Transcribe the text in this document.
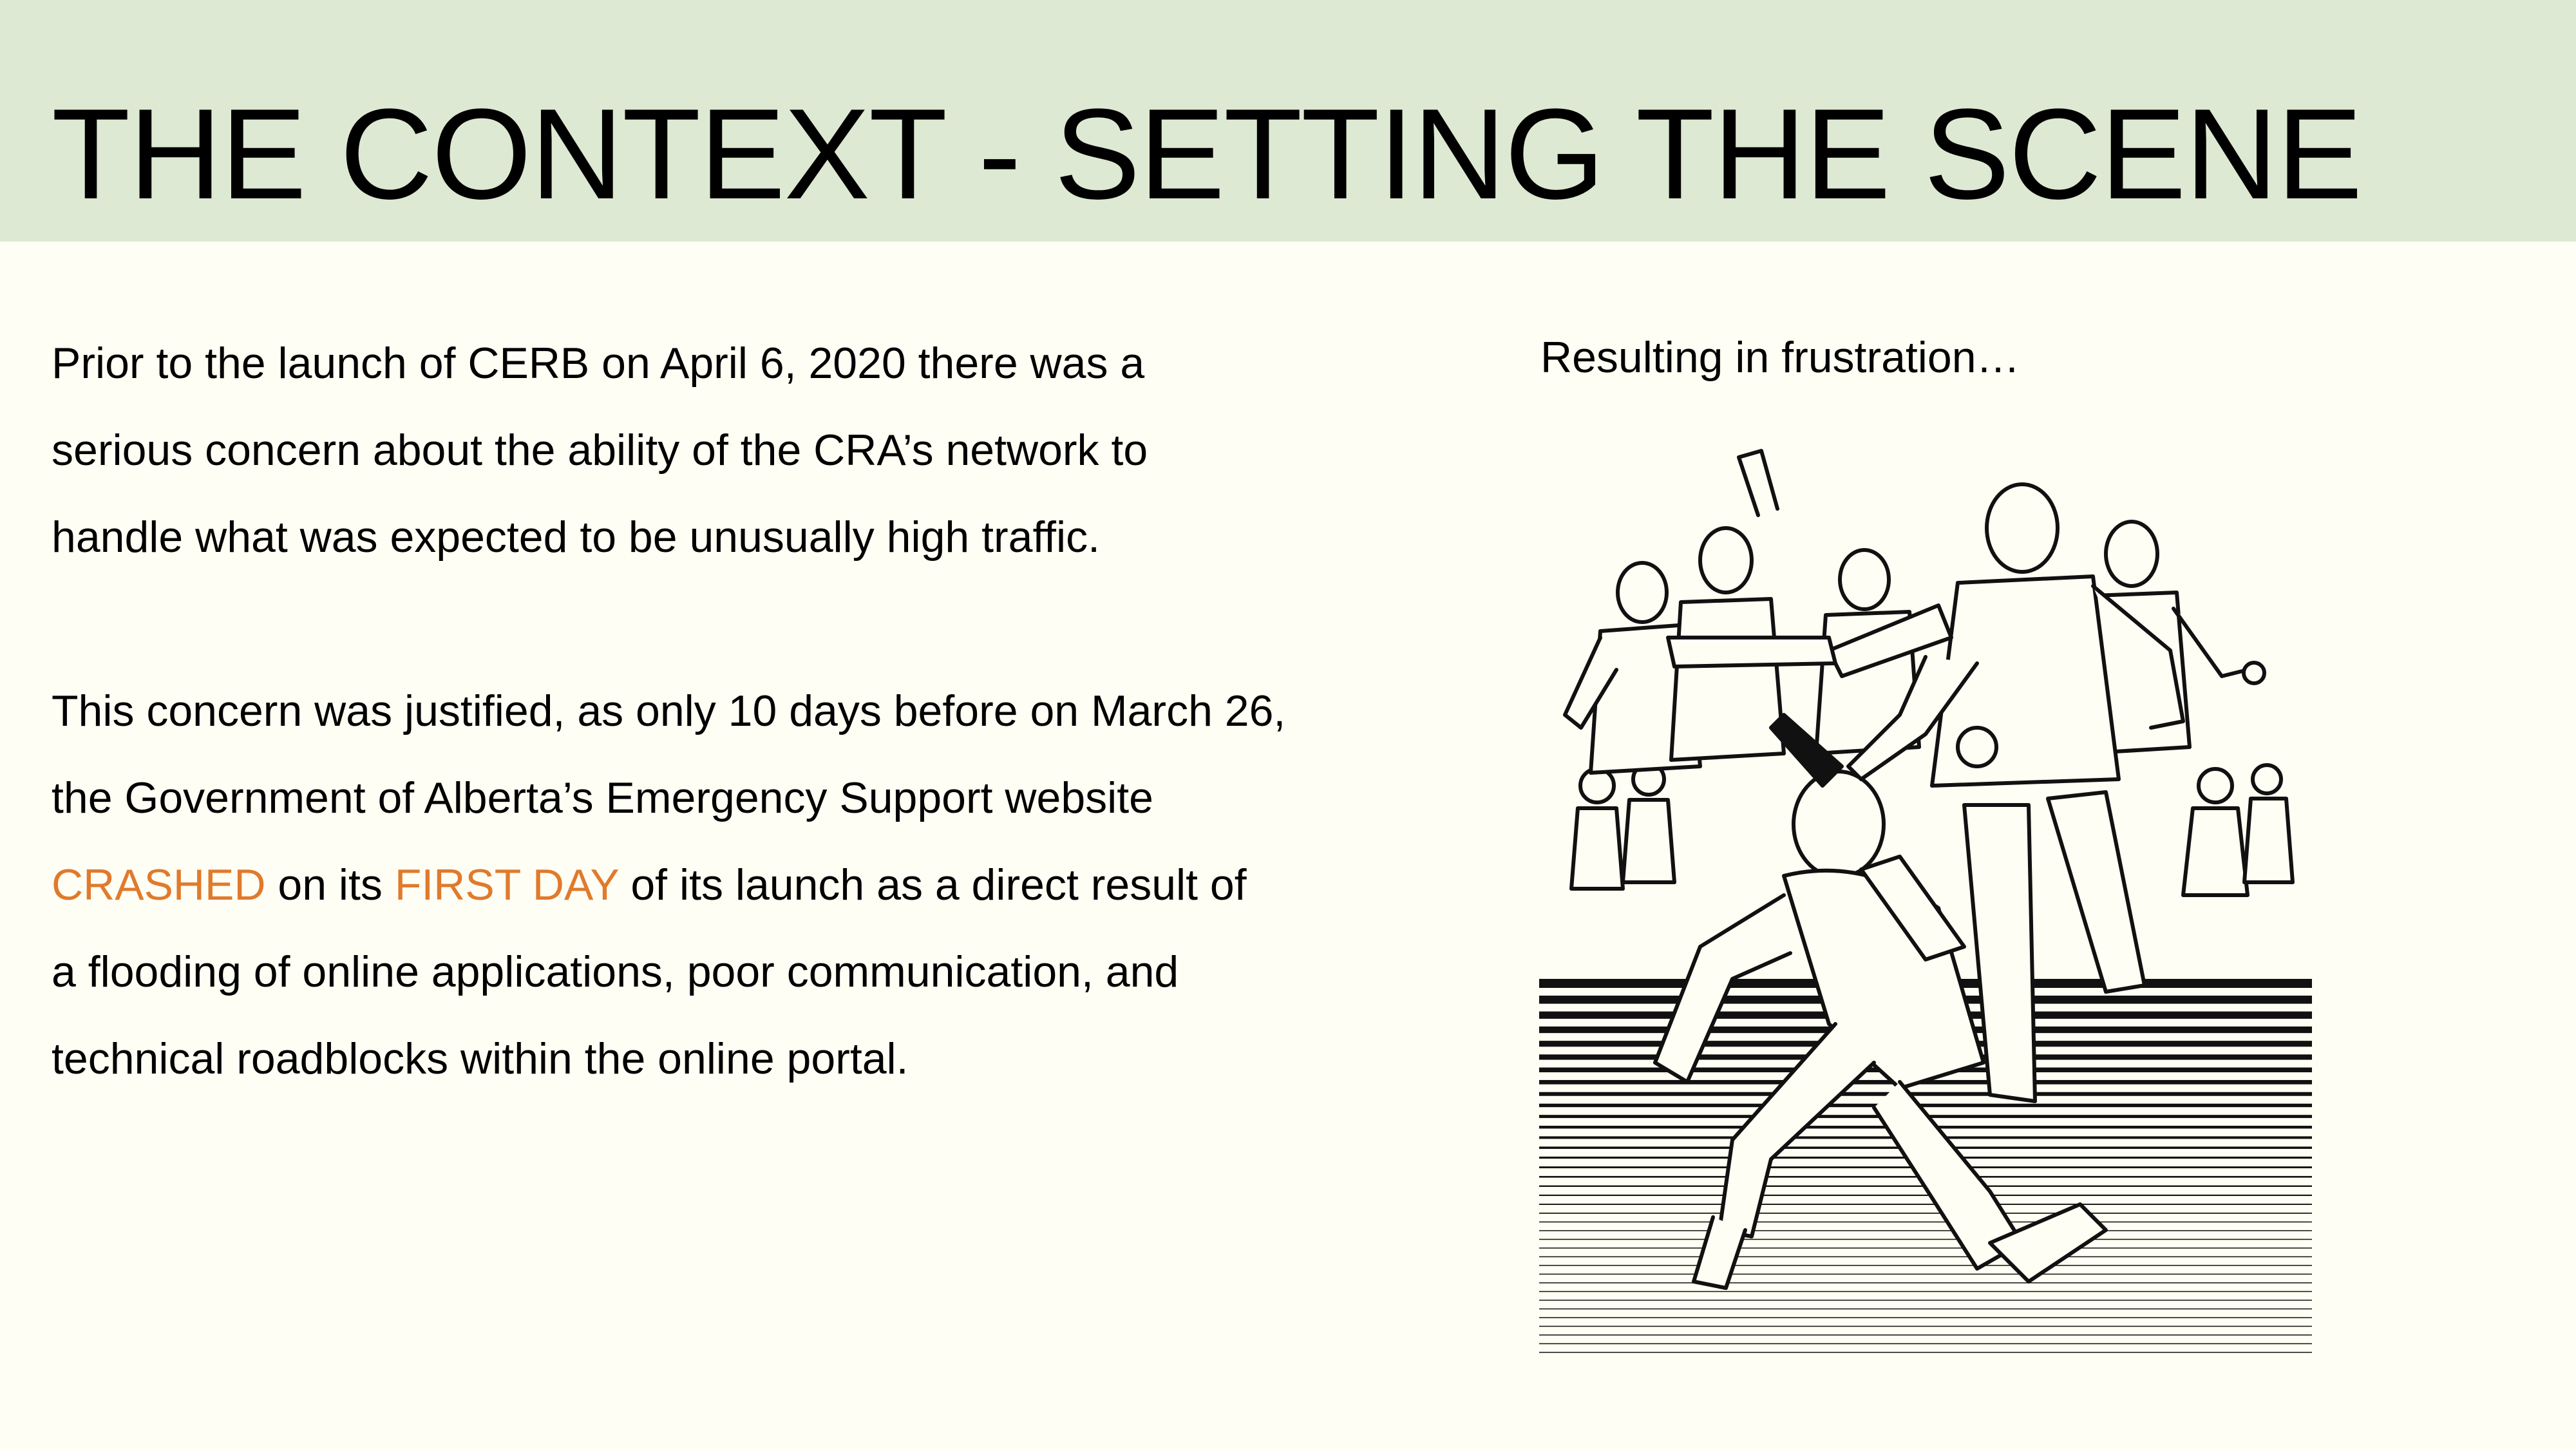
THE CONTEXT - SETTING THE SCENE

Prior to the launch of CERB on April 6, 2020 there was a

serious concern about the ability of the CRA’s network to

handle what was expected to be unusually high traffic.

This concern was justified, as only 10 days before on March 26,

the Government of Alberta’s Emergency Support website

CRASHED on its FIRST DAY of its launch as a direct result of

a flooding of online applications, poor communication, and

technical roadblocks within the online portal.

Resulting in frustration…
